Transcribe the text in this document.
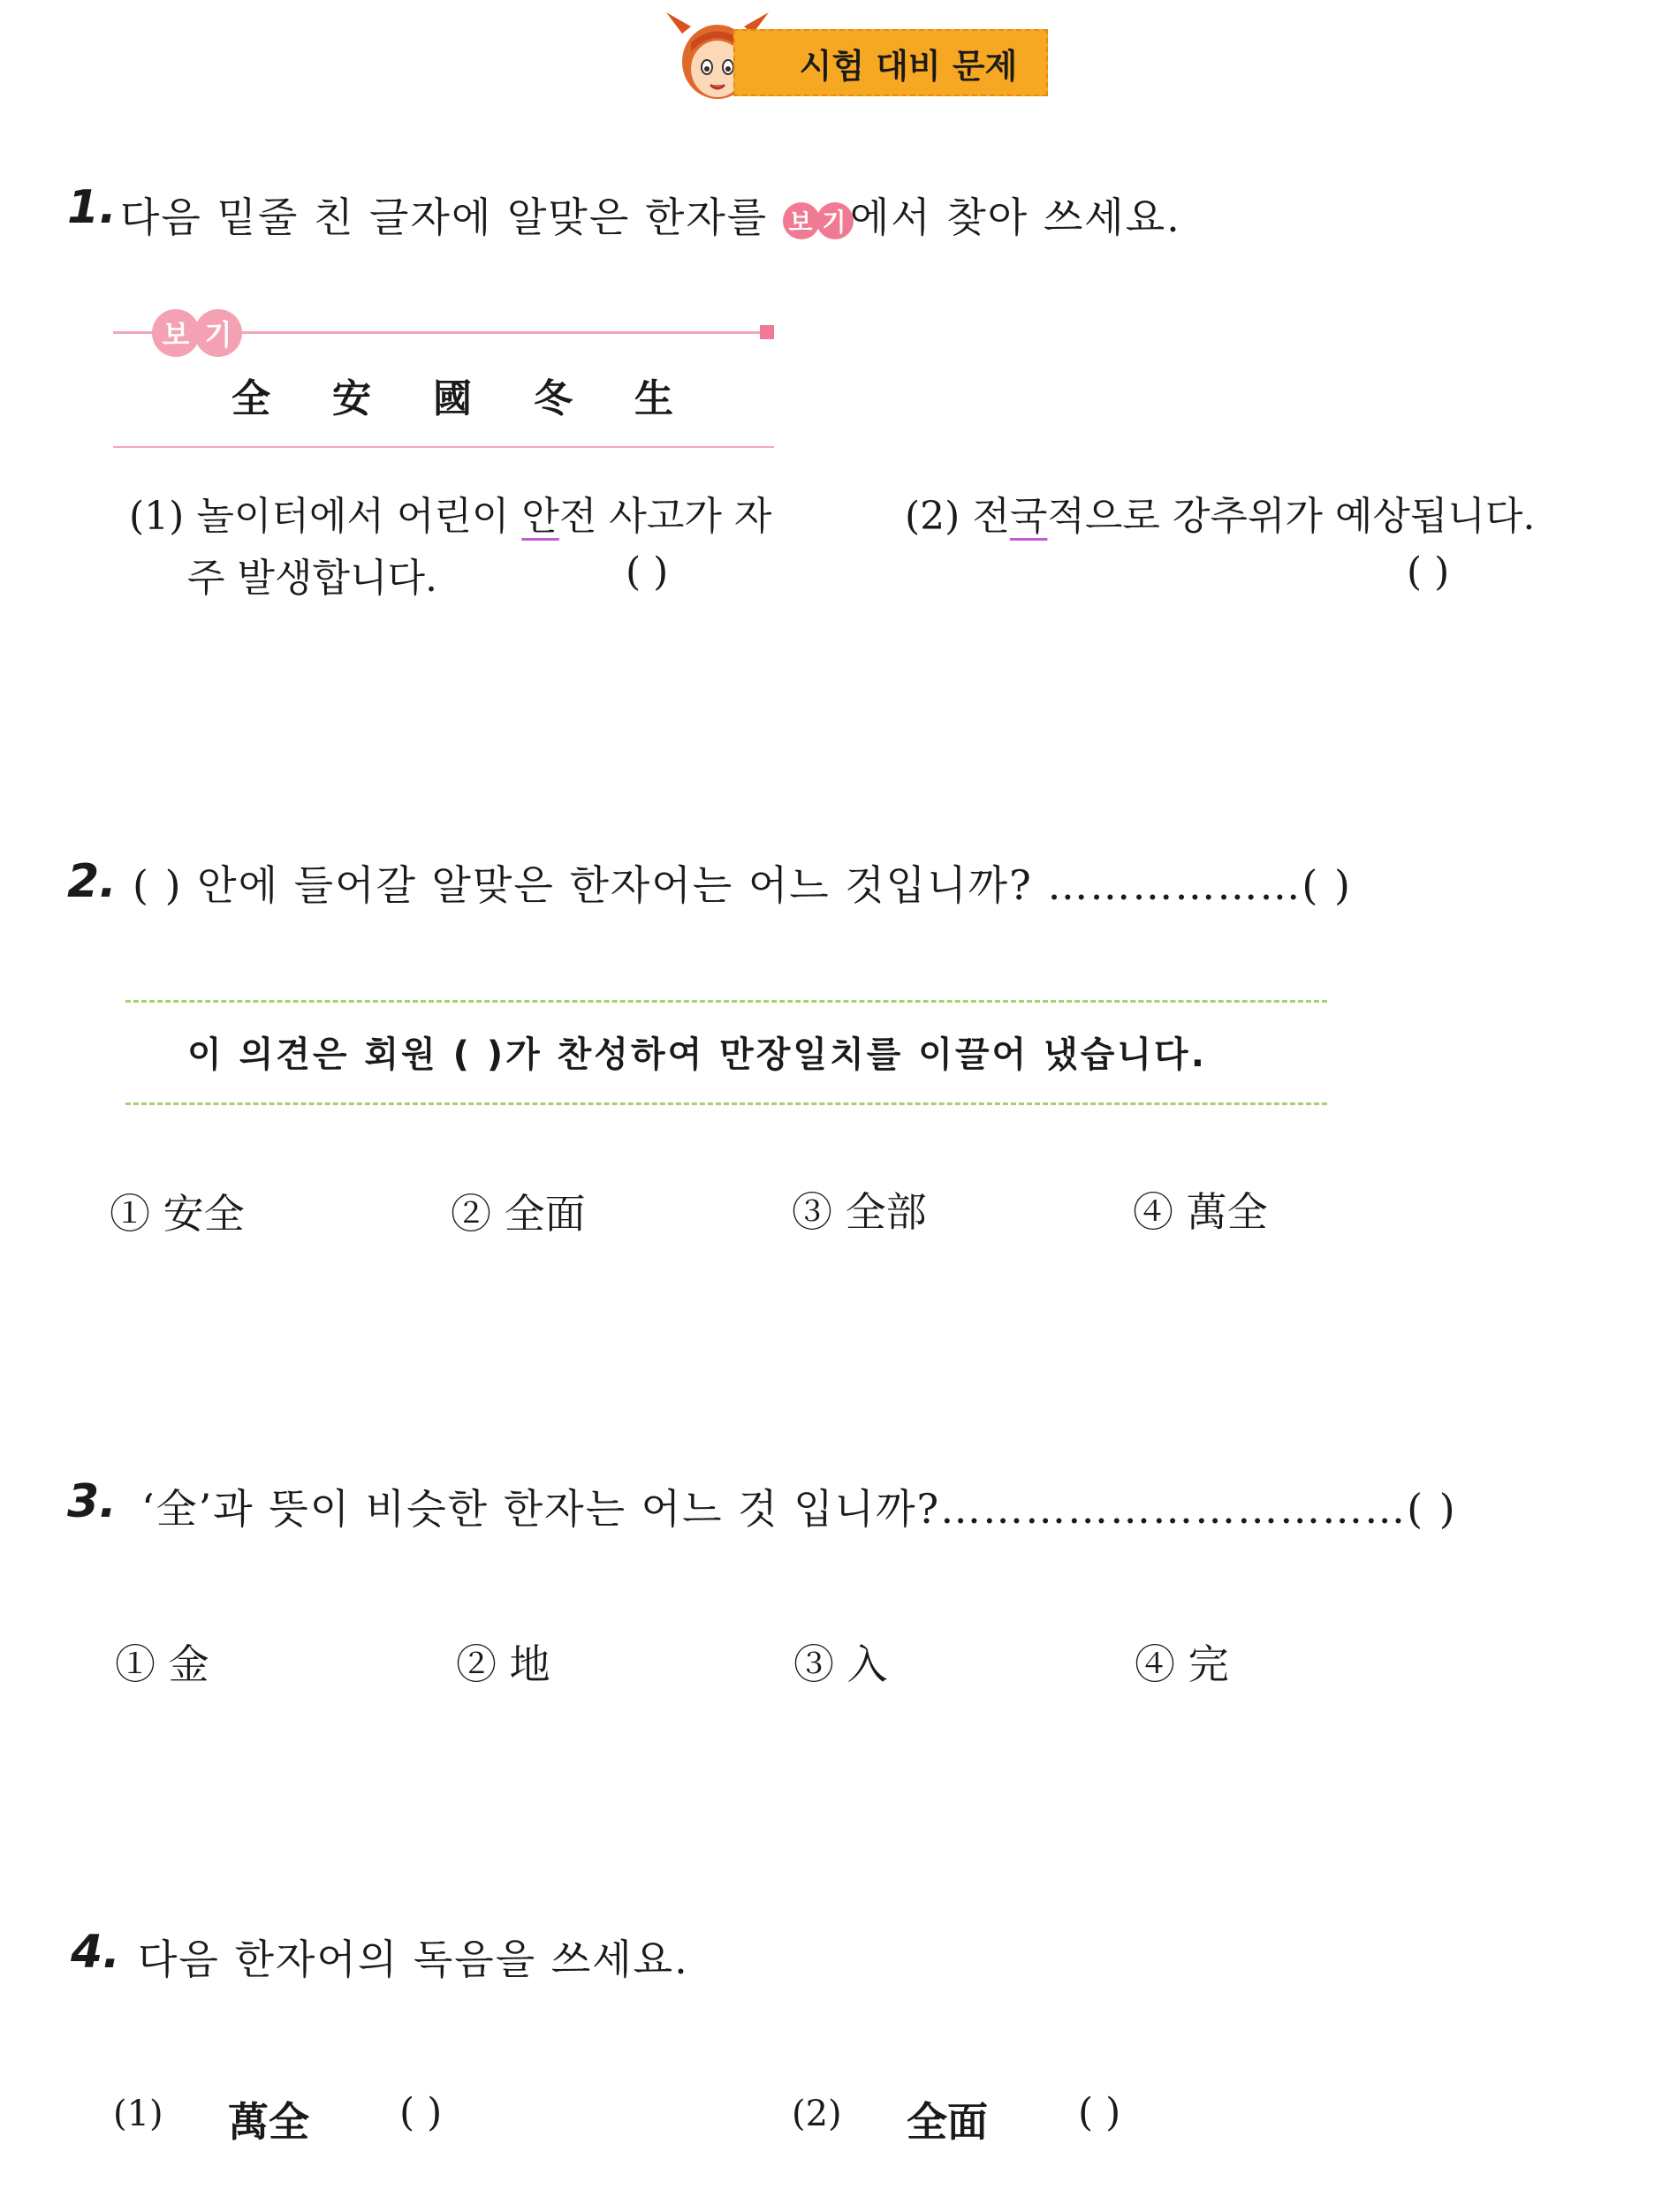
시험 대비 문제
1. 다음 밑줄 친 글자에 알맞은 한자를 보 기 에서 찾아 쓰세요.
보 기
全 安 國 冬 生
(1) 놀이터에서 어린이 안전 사고가 자
주 발생합니다.	( )
(2) 전국적으로 강추위가 예상됩니다.
( )
2. ( ) 안에 들어갈 알맞은 한자어는 어느 것입니까? ………………( )
이 의견은 회원 ( )가 찬성하여 만장일치를 이끌어 냈습니다.
① 安全	② 全面	③ 全部	④ 萬全
3. ‘全’과 뜻이 비슷한 한자는 어느 것 입니까?……………………………( )
① 金	② 地	③ 入	④ 完
4. 다음 한자어의 독음을 쓰세요.
(1) 萬全 ( )	(2) 全面 ( )
